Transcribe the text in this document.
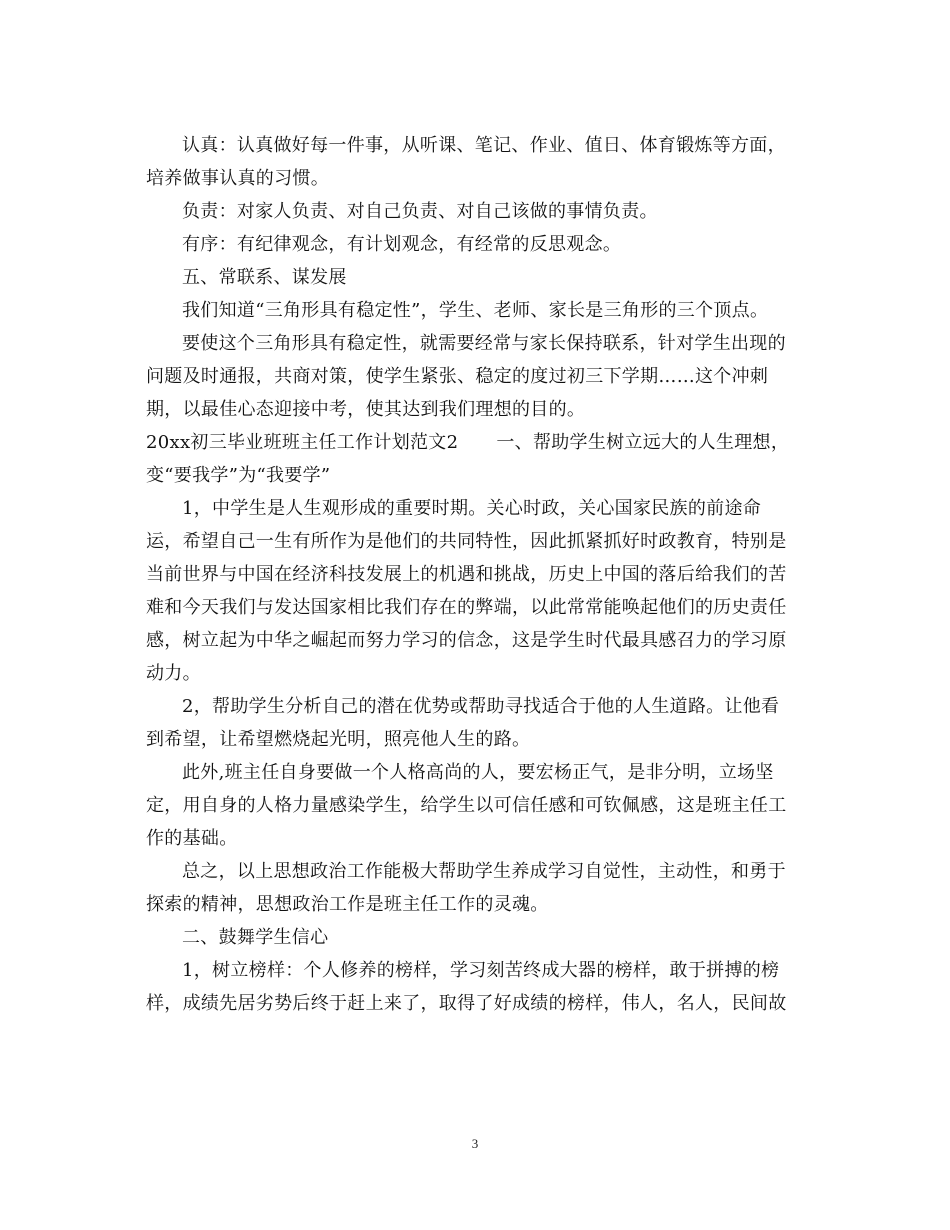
认真：认真做好每一件事，从听课、笔记、作业、值日、体育锻炼等方面，
培养做事认真的习惯。
负责：对家人负责、对自己负责、对自己该做的事情负责。
有序：有纪律观念，有计划观念，有经常的反思观念。
五、常联系、谋发展
我们知道“三角形具有稳定性”，学生、老师、家长是三角形的三个顶点。
要使这个三角形具有稳定性，就需要经常与家长保持联系，针对学生出现的
问题及时通报，共商对策，使学生紧张、稳定的度过初三下学期……这个冲刺
期，以最佳心态迎接中考，使其达到我们理想的目的。
20xx初三毕业班班主任工作计划范文2 一、帮助学生树立远大的人生理想，
变“要我学”为“我要学”
1，中学生是人生观形成的重要时期。关心时政，关心国家民族的前途命
运，希望自己一生有所作为是他们的共同特性，因此抓紧抓好时政教育，特别是
当前世界与中国在经济科技发展上的机遇和挑战，历史上中国的落后给我们的苦
难和今天我们与发达国家相比我们存在的弊端，以此常常能唤起他们的历史责任
感，树立起为中华之崛起而努力学习的信念，这是学生时代最具感召力的学习原
动力。
2，帮助学生分析自己的潜在优势或帮助寻找适合于他的人生道路。让他看
到希望，让希望燃烧起光明，照亮他人生的路。
此外,班主任自身要做一个人格高尚的人，要宏杨正气，是非分明，立场坚
定，用自身的人格力量感染学生，给学生以可信任感和可钦佩感，这是班主任工
作的基础。
总之，以上思想政治工作能极大帮助学生养成学习自觉性，主动性，和勇于
探索的精神，思想政治工作是班主任工作的灵魂。
二、鼓舞学生信心
1，树立榜样：个人修养的榜样，学习刻苦终成大器的榜样，敢于拼搏的榜
样，成绩先居劣势后终于赶上来了，取得了好成绩的榜样，伟人，名人，民间故
3
